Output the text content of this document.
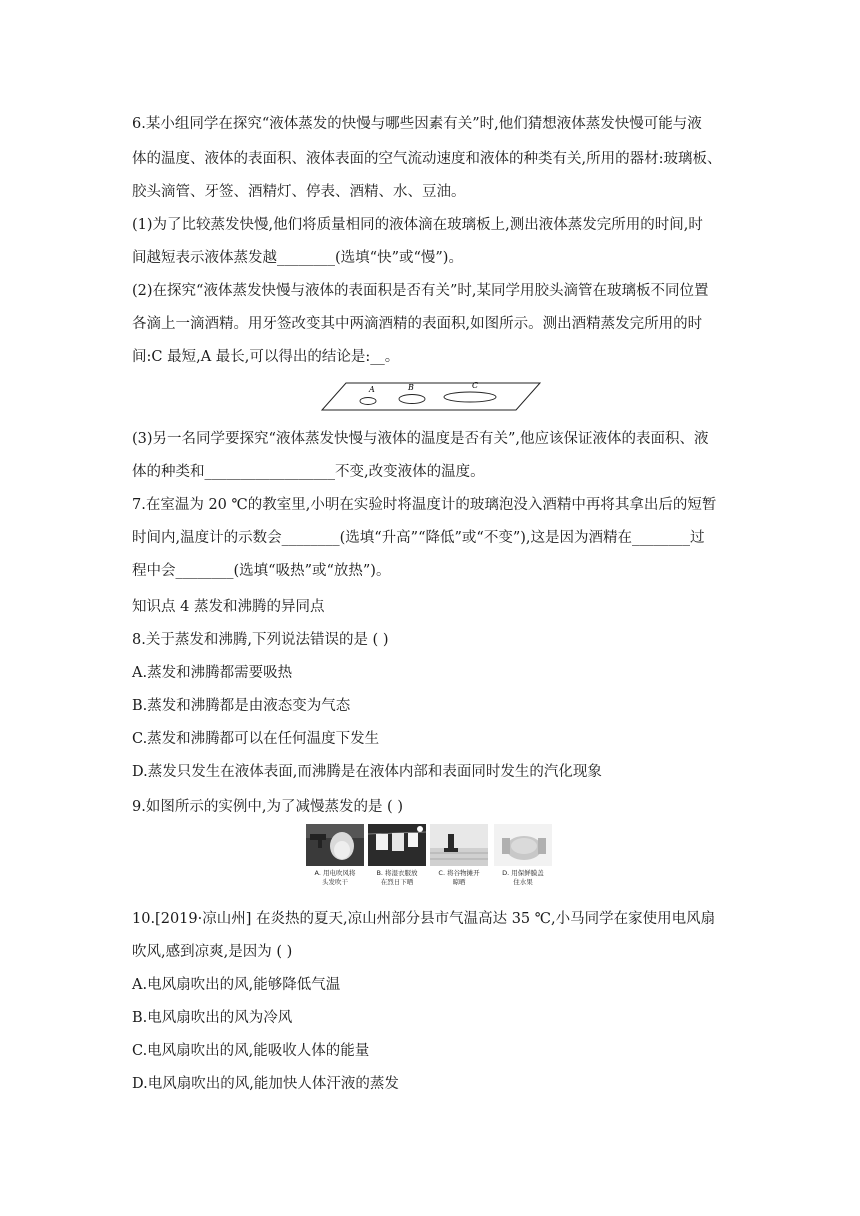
6.某小组同学在探究“液体蒸发的快慢与哪些因素有关”时,他们猜想液体蒸发快慢可能与液
体的温度、液体的表面积、液体表面的空气流动速度和液体的种类有关,所用的器材:玻璃板、
胶头滴管、牙签、酒精灯、停表、酒精、水、豆油。
(1)为了比较蒸发快慢,他们将质量相同的液体滴在玻璃板上,测出液体蒸发完所用的时间,时
间越短表示液体蒸发越________(选填“快”或“慢”)。
(2)在探究“液体蒸发快慢与液体的表面积是否有关”时,某同学用胶头滴管在玻璃板不同位置
各滴上一滴酒精。用牙签改变其中两滴酒精的表面积,如图所示。测出酒精蒸发完所用的时
间:C 最短,A 最长,可以得出的结论是:__。
A	B	C
(3)另一名同学要探究“液体蒸发快慢与液体的温度是否有关”,他应该保证液体的表面积、液
体的种类和__________________不变,改变液体的温度。
7.在室温为 20 ℃的教室里,小明在实验时将温度计的玻璃泡没入酒精中再将其拿出后的短暂
时间内,温度计的示数会________(选填“升高”“降低”或“不变”),这是因为酒精在________过
程中会________(选填“吸热”或“放热”)。
知识点 4 蒸发和沸腾的异同点
8.关于蒸发和沸腾,下列说法错误的是 ( )
A.蒸发和沸腾都需要吸热
B.蒸发和沸腾都是由液态变为气态
C.蒸发和沸腾都可以在任何温度下发生
D.蒸发只发生在液体表面,而沸腾是在液体内部和表面同时发生的汽化现象
9.如图所示的实例中,为了减慢蒸发的是 ( )
A. 用电吹风将
头发吹干
B. 将湿衣服放
在烈日下晒
C. 将谷物摊开
晾晒
D. 用保鲜膜盖
住水果
10.[2019·凉山州] 在炎热的夏天,凉山州部分县市气温高达 35 ℃,小马同学在家使用电风扇
吹风,感到凉爽,是因为 ( )
A.电风扇吹出的风,能够降低气温
B.电风扇吹出的风为冷风
C.电风扇吹出的风,能吸收人体的能量
D.电风扇吹出的风,能加快人体汗液的蒸发
